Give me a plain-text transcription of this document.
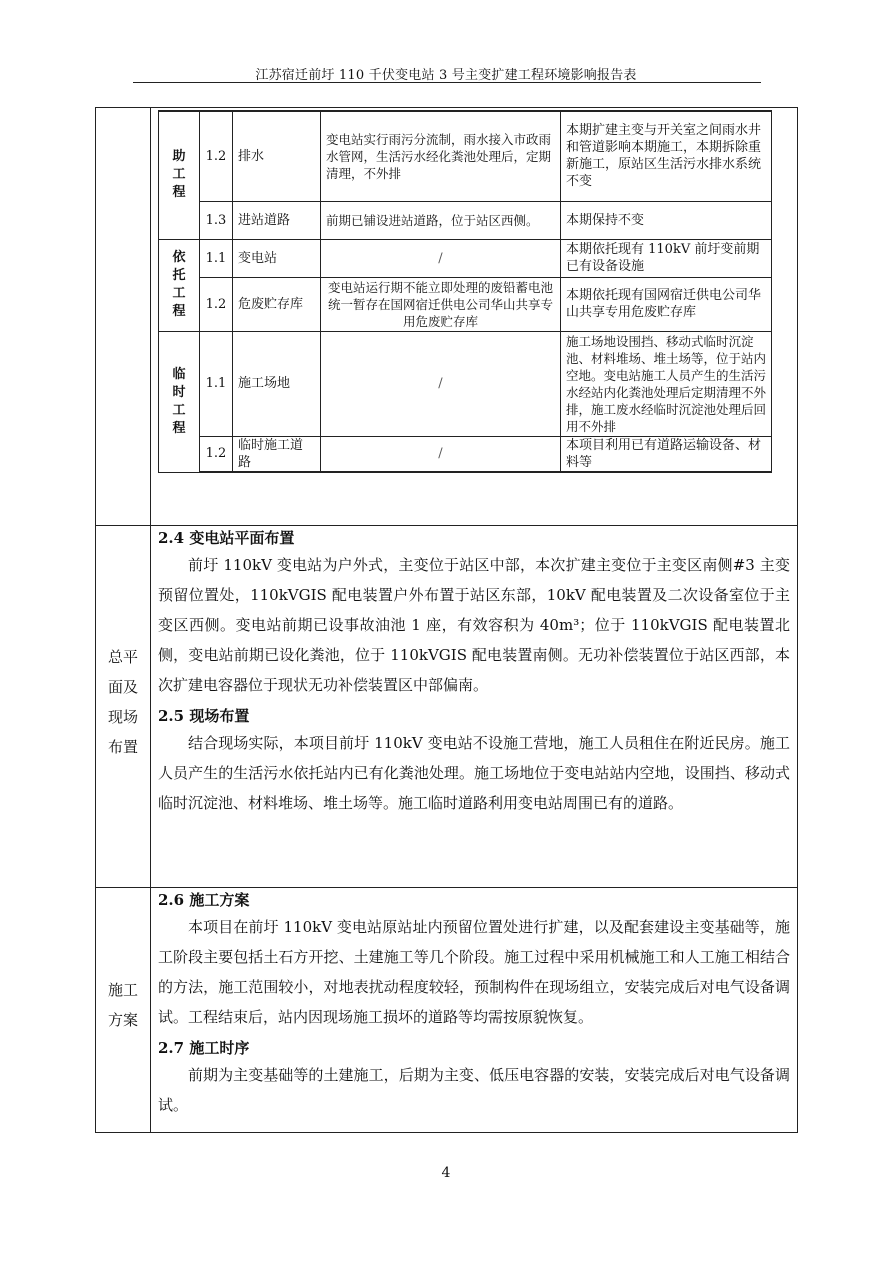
江苏宿迁前圩 110 千伏变电站 3 号主变扩建工程环境影响报告表
助工程	1.2	排水	变电站实行雨污分流制，雨水接入市政雨水管网，生活污水经化粪池处理后，定期清理，不外排	本期扩建主变与开关室之间雨水井和管道影响本期施工，本期拆除重新施工，原站区生活污水排水系统不变
	1.3	进站道路	前期已铺设进站道路，位于站区西侧。	本期保持不变
依托工程	1.1	变电站	/	本期依托现有 110kV 前圩变前期已有设备设施
	1.2	危废贮存库	变电站运行期不能立即处理的废铅蓄电池统一暂存在国网宿迁供电公司华山共享专用危废贮存库	本期依托现有国网宿迁供电公司华山共享专用危废贮存库
临时工程	1.1	施工场地	/	施工场地设围挡、移动式临时沉淀池、材料堆场、堆土场等，位于站内空地。变电站施工人员产生的生活污水经站内化粪池处理后定期清理不外排，施工废水经临时沉淀池处理后回用不外排
	1.2	临时施工道路	/	本项目利用已有道路运输设备、材料等
总平
面及
现场
布置
2.4 变电站平面布置

前圩 110kV 变电站为户外式，主变位于站区中部，本次扩建主变位于主变区南侧#3 主变预留位置处，110kVGIS 配电装置户外布置于站区东部，10kV 配电装置及二次设备室位于主变区西侧。变电站前期已设事故油池 1 座，有效容积为 40m³；位于 110kVGIS 配电装置北侧，变电站前期已设化粪池，位于 110kVGIS 配电装置南侧。无功补偿装置位于站区西部，本次扩建电容器位于现状无功补偿装置区中部偏南。

2.5 现场布置

结合现场实际，本项目前圩 110kV 变电站不设施工营地，施工人员租住在附近民房。施工人员产生的生活污水依托站内已有化粪池处理。施工场地位于变电站站内空地，设围挡、移动式临时沉淀池、材料堆场、堆土场等。施工临时道路利用变电站周围已有的道路。

施工
方案
2.6 施工方案

本项目在前圩 110kV 变电站原站址内预留位置处进行扩建，以及配套建设主变基础等，施工阶段主要包括土石方开挖、土建施工等几个阶段。施工过程中采用机械施工和人工施工相结合的方法，施工范围较小，对地表扰动程度较轻，预制构件在现场组立，安装完成后对电气设备调试。工程结束后，站内因现场施工损坏的道路等均需按原貌恢复。

2.7 施工时序

前期为主变基础等的土建施工，后期为主变、低压电容器的安装，安装完成后对电气设备调试。

4
